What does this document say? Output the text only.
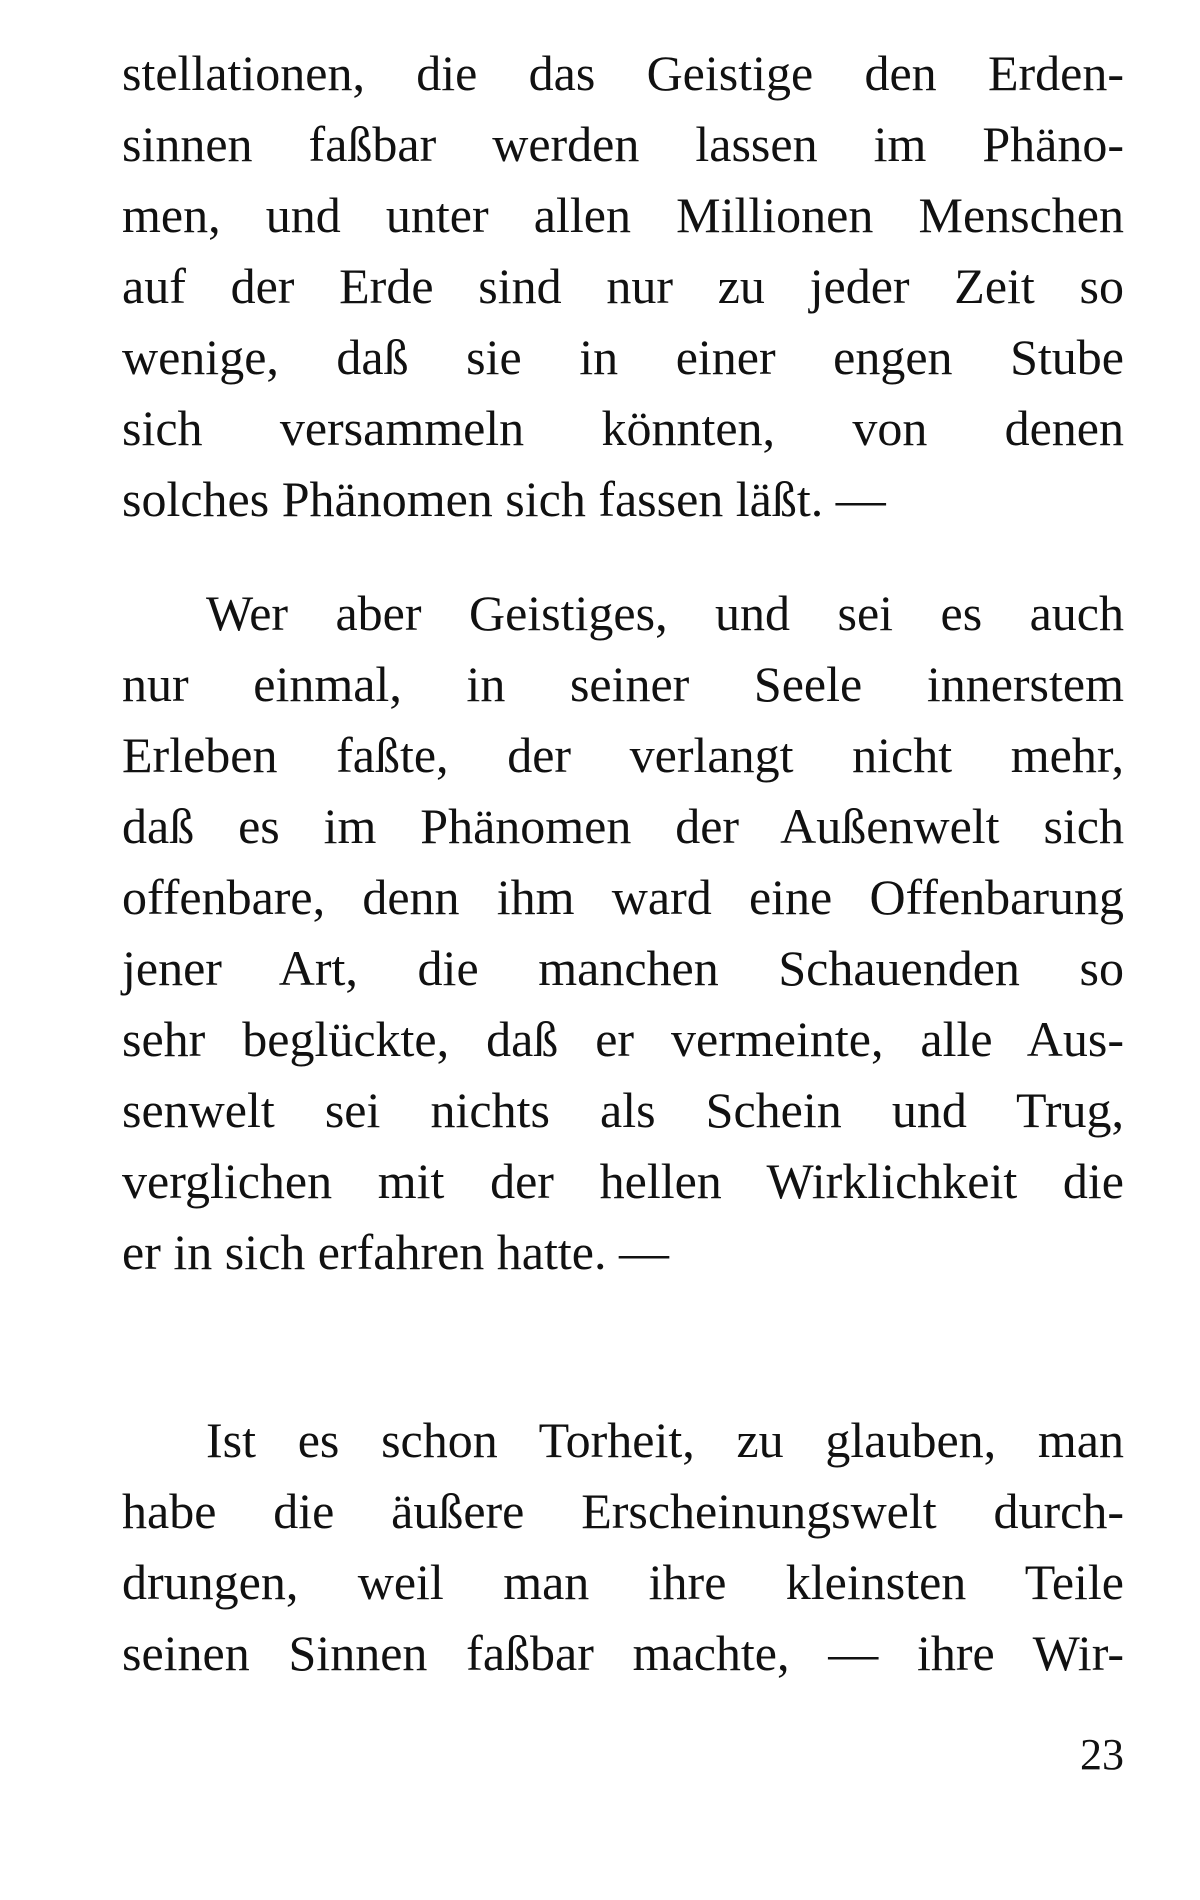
stellationen, die das Geistige den Erden-
sinnen faßbar werden lassen im Phäno-
men, und unter allen Millionen Menschen
auf der Erde sind nur zu jeder Zeit so
wenige, daß sie in einer engen Stube
sich versammeln könnten, von denen
solches Phänomen sich fassen läßt. —
Wer aber Geistiges, und sei es auch
nur einmal, in seiner Seele innerstem
Erleben faßte, der verlangt nicht mehr,
daß es im Phänomen der Außenwelt sich
offenbare, denn ihm ward eine Offenbarung
jener Art, die manchen Schauenden so
sehr beglückte, daß er vermeinte, alle Aus-
senwelt sei nichts als Schein und Trug,
verglichen mit der hellen Wirklichkeit die
er in sich erfahren hatte. —
Ist es schon Torheit, zu glauben, man
habe die äußere Erscheinungswelt durch-
drungen, weil man ihre kleinsten Teile
seinen Sinnen faßbar machte, — ihre Wir-
23
